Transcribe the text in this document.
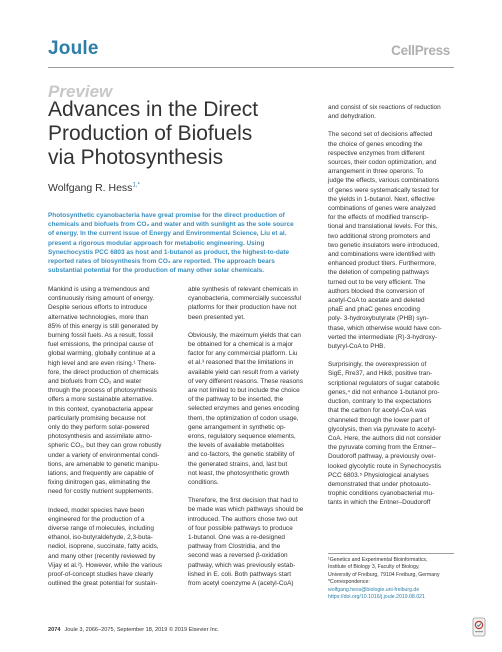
Joule	CellPress
Preview
Advances in the Direct
Production of Biofuels
via Photosynthesis
Wolfgang R. Hess$^{1,*}$
Photosynthetic cyanobacteria have great promise for the direct production of
chemicals and biofuels from CO₂ and water and with sunlight as the sole source
of energy. In the current issue of Energy and Environmental Science, Liu et al.
present a rigorous modular approach for metabolic engineering. Using
Synechocystis PCC 6803 as host and 1-butanol as product, the highest-to-date
reported rates of biosynthesis from CO₂ are reported. The approach bears
substantial potential for the production of many other solar chemicals.
Mankind is using a tremendous and
continuously rising amount of energy.
Despite serious efforts to introduce
alternative technologies, more than
85% of this energy is still generated by
burning fossil fuels. As a result, fossil
fuel emissions, the principal cause of
global warming, globally continue at a
high level and are even rising.¹ There-
fore, the direct production of chemicals
and biofuels from CO₂ and water
through the process of photosynthesis
offers a more sustainable alternative.
In this context, cyanobacteria appear
particularly promising because not
only do they perform solar-powered
photosynthesis and assimilate atmo-
spheric CO₂, but they can grow robustly
under a variety of environmental condi-
tions, are amenable to genetic manipu-
lations, and frequently are capable of
fixing dinitrogen gas, eliminating the
need for costly nutrient supplements.
Indeed, model species have been
engineered for the production of a
diverse range of molecules, including
ethanol, iso-butyraldehyde, 2,3-buta-
nediol, isoprene, succinate, fatty acids,
and many other (recently reviewed by
Vijay et al.²). However, while the various
proof-of-concept studies have clearly
outlined the great potential for sustain-
able synthesis of relevant chemicals in
cyanobacteria, commercially successful
platforms for their production have not
been presented yet.
Obviously, the maximum yields that can
be obtained for a chemical is a major
factor for any commercial platform. Liu
et al.³ reasoned that the limitations in
available yield can result from a variety
of very different reasons. These reasons
are not limited to but include the choice
of the pathway to be inserted, the
selected enzymes and genes encoding
them, the optimization of codon usage,
gene arrangement in synthetic op-
erons, regulatory sequence elements,
the levels of available metabolites
and co-factors, the genetic stability of
the generated strains, and, last but
not least, the photosynthetic growth
conditions.
Therefore, the first decision that had to
be made was which pathways should be
introduced. The authors chose two out
of four possible pathways to produce
1-butanol. One was a re-designed
pathway from Clostridia, and the
second was a reversed β-oxidation
pathway, which was previously estab-
lished in E. coli. Both pathways start
from acetyl coenzyme A (acetyl-CoA)
and consist of six reactions of reduction
and dehydration.
The second set of decisions affected
the choice of genes encoding the
respective enzymes from different
sources, their codon optimization, and
arrangement in three operons. To
judge the effects, various combinations
of genes were systematically tested for
the yields in 1-butanol. Next, effective
combinations of genes were analyzed
for the effects of modified transcrip-
tional and translational levels. For this,
two additional strong promoters and
two genetic insulators were introduced,
and combinations were identified with
enhanced product titers. Furthermore,
the deletion of competing pathways
turned out to be very efficient. The
authors blocked the conversion of
acetyl-CoA to acetate and deleted
phaE and phaC genes encoding
poly- 3-hydroxybutyrate (PHB) syn-
thase, which otherwise would have con-
verted the intermediate (R)-3-hydroxy-
butyryl-CoA to PHB.
Surprisingly, the overexpression of
SigE, Rre37, and Hik8, positive tran-
scriptional regulators of sugar catabolic
genes,⁴ did not enhance 1-butanol pro-
duction, contrary to the expectations
that the carbon for acetyl-CoA was
channeled through the lower part of
glycolysis, then via pyruvate to acetyl-
CoA. Here, the authors did not consider
the pyruvate coming from the Entner–
Doudoroff pathway, a previously over-
looked glycolytic route in Synechocystis
PCC 6803.⁵ Physiological analyses
demonstrated that under photoauto-
trophic conditions cyanobacterial mu-
tants in which the Entner–Doudoroff
¹Genetics and Experimental Bioinformatics,
Institute of Biology 3, Faculty of Biology,
University of Freiburg, 79104 Freiburg, Germany
*Correspondence:
wolfgang.hess@biologie.uni-freiburg.de
https://doi.org/10.1016/j.joule.2019.08.021
2074 Joule 3, 2066–2075, September 18, 2019 © 2019 Elsevier Inc.
